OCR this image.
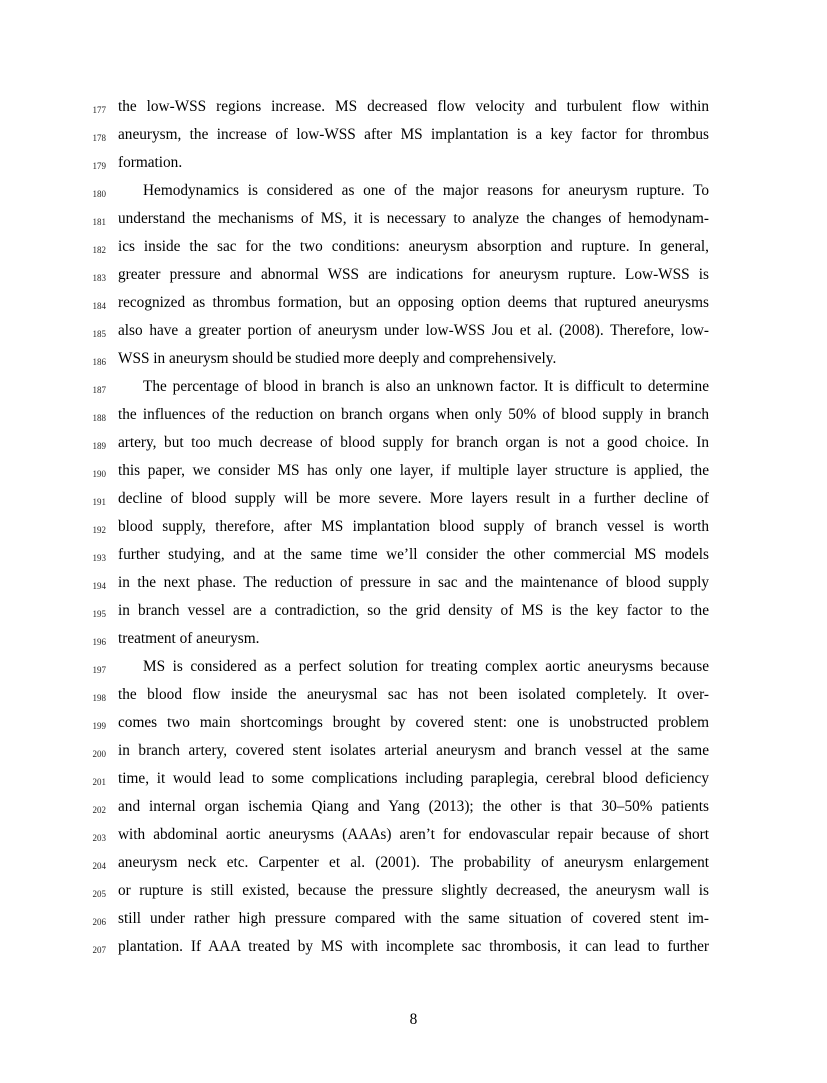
177 the low-WSS regions increase. MS decreased flow velocity and turbulent flow within
178 aneurysm, the increase of low-WSS after MS implantation is a key factor for thrombus
179 formation.
180 Hemodynamics is considered as one of the major reasons for aneurysm rupture. To
181 understand the mechanisms of MS, it is necessary to analyze the changes of hemodynam-
182 ics inside the sac for the two conditions: aneurysm absorption and rupture. In general,
183 greater pressure and abnormal WSS are indications for aneurysm rupture. Low-WSS is
184 recognized as thrombus formation, but an opposing option deems that ruptured aneurysms
185 also have a greater portion of aneurysm under low-WSS Jou et al. (2008). Therefore, low-
186 WSS in aneurysm should be studied more deeply and comprehensively.
187 The percentage of blood in branch is also an unknown factor. It is difficult to determine
188 the influences of the reduction on branch organs when only 50% of blood supply in branch
189 artery, but too much decrease of blood supply for branch organ is not a good choice. In
190 this paper, we consider MS has only one layer, if multiple layer structure is applied, the
191 decline of blood supply will be more severe. More layers result in a further decline of
192 blood supply, therefore, after MS implantation blood supply of branch vessel is worth
193 further studying, and at the same time we’ll consider the other commercial MS models
194 in the next phase. The reduction of pressure in sac and the maintenance of blood supply
195 in branch vessel are a contradiction, so the grid density of MS is the key factor to the
196 treatment of aneurysm.
197 MS is considered as a perfect solution for treating complex aortic aneurysms because
198 the blood flow inside the aneurysmal sac has not been isolated completely. It over-
199 comes two main shortcomings brought by covered stent: one is unobstructed problem
200 in branch artery, covered stent isolates arterial aneurysm and branch vessel at the same
201 time, it would lead to some complications including paraplegia, cerebral blood deficiency
202 and internal organ ischemia Qiang and Yang (2013); the other is that 30–50% patients
203 with abdominal aortic aneurysms (AAAs) aren’t for endovascular repair because of short
204 aneurysm neck etc. Carpenter et al. (2001). The probability of aneurysm enlargement
205 or rupture is still existed, because the pressure slightly decreased, the aneurysm wall is
206 still under rather high pressure compared with the same situation of covered stent im-
207 plantation. If AAA treated by MS with incomplete sac thrombosis, it can lead to further
8
